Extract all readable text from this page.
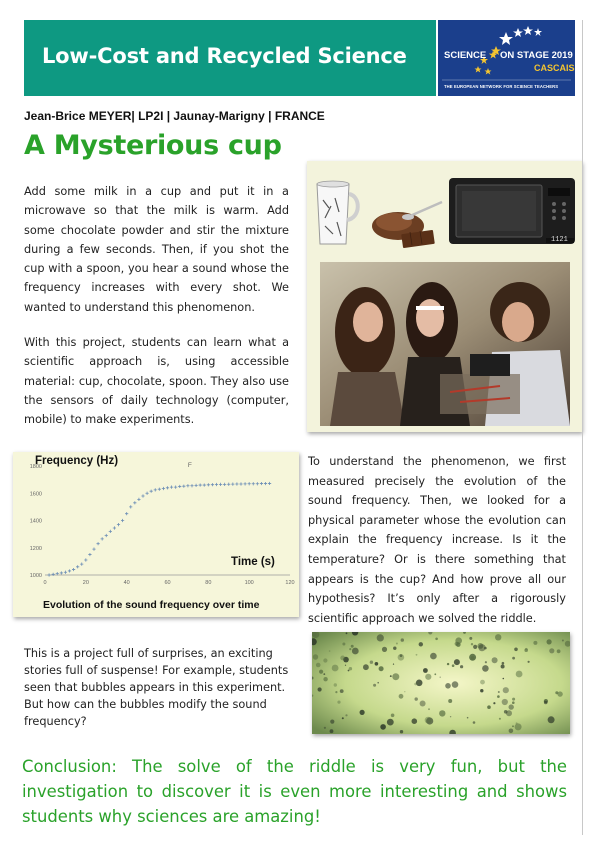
Low-Cost and Recycled Science	SCIENCE ★ ON STAGE 2019
CASCAIS
THE EUROPEAN NETWORK FOR SCIENCE TEACHERS
Jean-Brice MEYER| LP2I | Jaunay-Marigny | FRANCE
A Mysterious cup
Add some milk in a cup and put it in a microwave so that the milk is warm. Add some chocolate powder and stir the mixture during a few seconds. Then, if you shot the cup with a spoon, you hear a sound whose the frequency increases with every shot. We wanted to understand this phenomenon.
With this project, students can learn what a scientific approach is, using accessible material: cup, chocolate, spoon. They also use the sensors of daily technology (computer, mobile) to make experiments.
1121
0	20	40	60	80	100	120
1000
1200
1400
1600
1800	F
Frequency (Hz)
Time (s)
Evolution of the sound frequency over time
To understand the phenomenon, we first measured precisely the evolution of the sound frequency. Then, we looked for a physical parameter whose the evolution can explain the frequency increase. Is it the temperature? Or is there something that appears is the cup? And how prove all our hypothesis? It’s only after a rigorously scientific approach we solved the riddle.
This is a project full of surprises, an exciting stories full of suspense! For example, students seen that bubbles appears in this experiment. But how can the bubbles modify the sound frequency?
Conclusion: The solve of the riddle is very fun, but the investigation to discover it is even more interesting and shows students why sciences are amazing!
